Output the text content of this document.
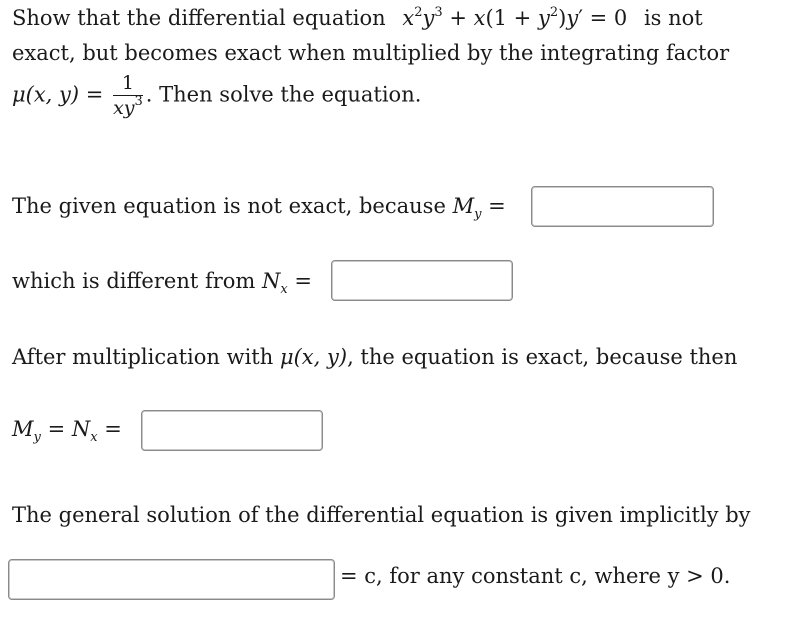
Show that the differential equation $x^2y^3 + x(1 + y^2)y' = 0$ is not
exact, but becomes exact when multiplied by the integrating factor
μ(x, $y) = \frac{1}{xy^3}$ . Then solve the equation.
The given equation is not exact, because $M_y$ =
which is different from $N_x$ =
After multiplication with μ(x, y), the equation is exact, because then
$M_y = N_x$ =
The general solution of the differential equation is given implicitly by
= c, for any constant c, where y > 0.
